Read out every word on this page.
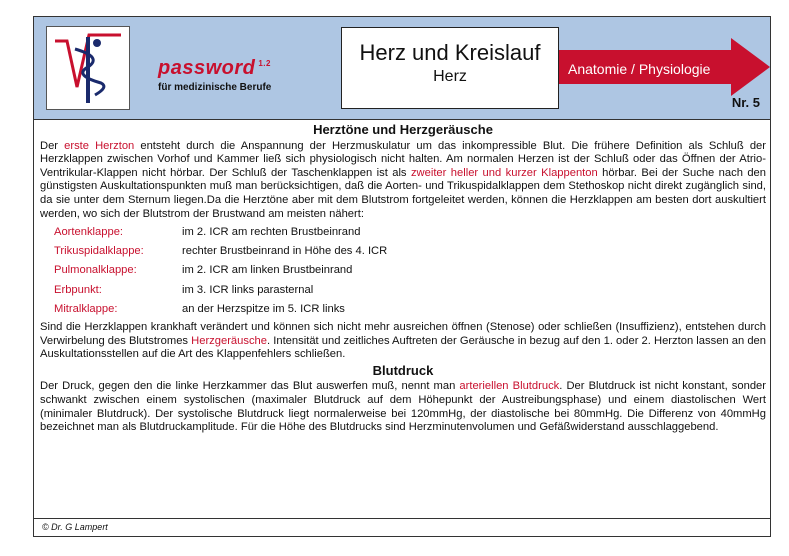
password $^{1.2}$
für medizinische Berufe
Herz und Kreislauf
Herz	Anatomie / Physiologie
Nr. 5
Herztöne und Herzgeräusche

Der erste Herzton entsteht durch die Anspannung der Herzmuskulatur um das inkompressible Blut. Die frühere Definition als Schluß der Herzklappen zwischen Vorhof und Kammer ließ sich physiologisch nicht halten. Am normalen Herzen ist der Schluß oder das Öffnen der Atrio-Ventrikular-Klappen nicht hörbar. Der Schluß der Taschenklappen ist als zweiter heller und kurzer Klappenton hörbar. Bei der Suche nach den günstigsten Auskultationspunkten muß man berücksichtigen, daß die Aorten- und Trikuspidalklappen dem Stethoskop nicht direkt zugänglich sind, da sie unter dem Sternum liegen.Da die Herztöne aber mit dem Blutstrom fortgeleitet werden, können die Herzklappen am besten dort auskultiert werden, wo sich der Blutstrom der Brustwand am meisten nähert:

Aortenklappe:	im 2. ICR am rechten Brustbeinrand
Trikuspidalklappe:	rechter Brustbeinrand in Höhe des 4. ICR
Pulmonalklappe:	im 2. ICR am linken Brustbeinrand
Erbpunkt:	im 3. ICR links parasternal
Mitralklappe:	an der Herzspitze im 5. ICR links

Sind die Herzklappen krankhaft verändert und können sich nicht mehr ausreichen öffnen (Stenose) oder schließen (Insuffizienz), entstehen durch Verwirbelung des Blutstromes Herzgeräusche. Intensität und zeitliches Auftreten der Geräusche in bezug auf den 1. oder 2. Herzton lassen an den Auskultationsstellen auf die Art des Klappenfehlers schließen.

Blutdruck

Der Druck, gegen den die linke Herzkammer das Blut auswerfen muß, nennt man arteriellen Blutdruck. Der Blutdruck ist nicht konstant, sonder schwankt zwischen einem systolischen (maximaler Blutdruck auf dem Höhepunkt der Austreibungsphase) und einem diastolischen Wert (minimaler Blutdruck). Der systolische Blutdruck liegt normalerweise bei 120mmHg, der diastolische bei 80mmHg. Die Differenz von 40mmHg bezeichnet man als Blutdruckamplitude. Für die Höhe des Blutdrucks sind Herzminutenvolumen und Gefäßwiderstand ausschlaggebend.

© Dr. G Lampert
